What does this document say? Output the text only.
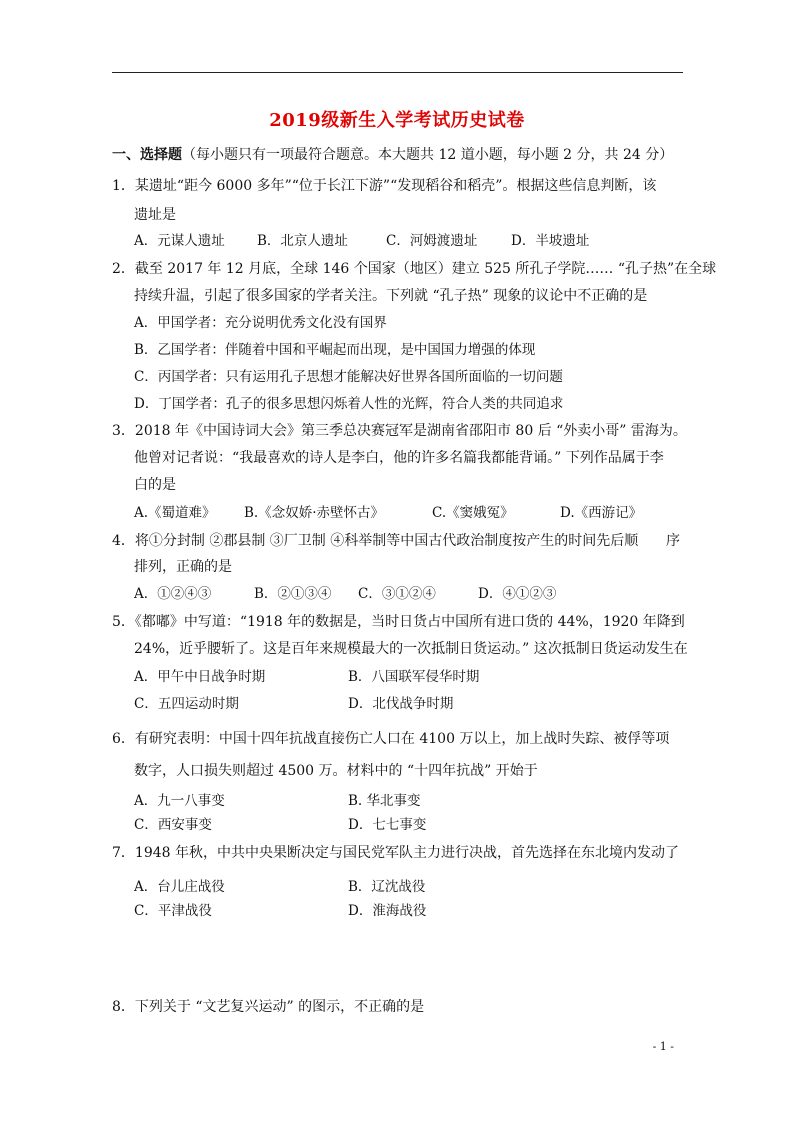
2019级新生入学考试历史试卷
一、选择题（每小题只有一项最符合题意。本大题共 12 道小题，每小题 2 分，共 24 分）
1．某遗址“距今 6000 多年”“位于长江下游”“发现稻谷和稻壳”。根据这些信息判断，该
遗址是
A．元谋人遗址 B．北京人遗址	C．河姆渡遗址 D．半坡遗址
2．截至 2017 年 12 月底，全球 146 个国家（地区）建立 525 所孔子学院…… “孔子热”在全球
持续升温，引起了很多国家的学者关注。下列就 “孔子热” 现象的议论中不正确的是
A．甲国学者：充分说明优秀文化没有国界
B．乙国学者：伴随着中国和平崛起而出现，是中国国力增强的体现
C．丙国学者：只有运用孔子思想才能解决好世界各国所面临的一切问题
D．丁国学者：孔子的很多思想闪烁着人性的光辉，符合人类的共同追求
3．2018 年《中国诗词大会》第三季总决赛冠军是湖南省邵阳市 80 后 “外卖小哥” 雷海为。
他曾对记者说：“我最喜欢的诗人是李白，他的许多名篇我都能背诵。” 下列作品属于李
白的是
A.《蜀道难》 B.《念奴娇·赤壁怀古》	C.《窦娥冤》	D.《西游记》
4．将①分封制 ②郡县制 ③厂卫制 ④科举制等中国古代政治制度按产生的时间先后顺 序
排列，正确的是
A．①②④③	B．②①③④ C．③①②④	D．④①②③
5．《都嘟》中写道：“1918 年的数据是，当时日货占中国所有进口货的 44%，1920 年降到
24%，近乎腰斩了。这是百年来规模最大的一次抵制日货运动。” 这次抵制日货运动发生在
A．甲午中日战争时期	B．八国联军侵华时期
C．五四运动时期	D．北伐战争时期
6．有研究表明：中国十四年抗战直接伤亡人口在 4100 万以上，加上战时失踪、被俘等项
数字，人口损失则超过 4500 万。材料中的 “十四年抗战” 开始于
A．九一八事变	B. 华北事变
C．西安事变	D．七七事变
7．1948 年秋，中共中央果断决定与国民党军队主力进行决战，首先选择在东北境内发动了
A．台儿庄战役	B．辽沈战役
C．平津战役	D．淮海战役
8．下列关于 “文艺复兴运动” 的图示，不正确的是
- 1 -
